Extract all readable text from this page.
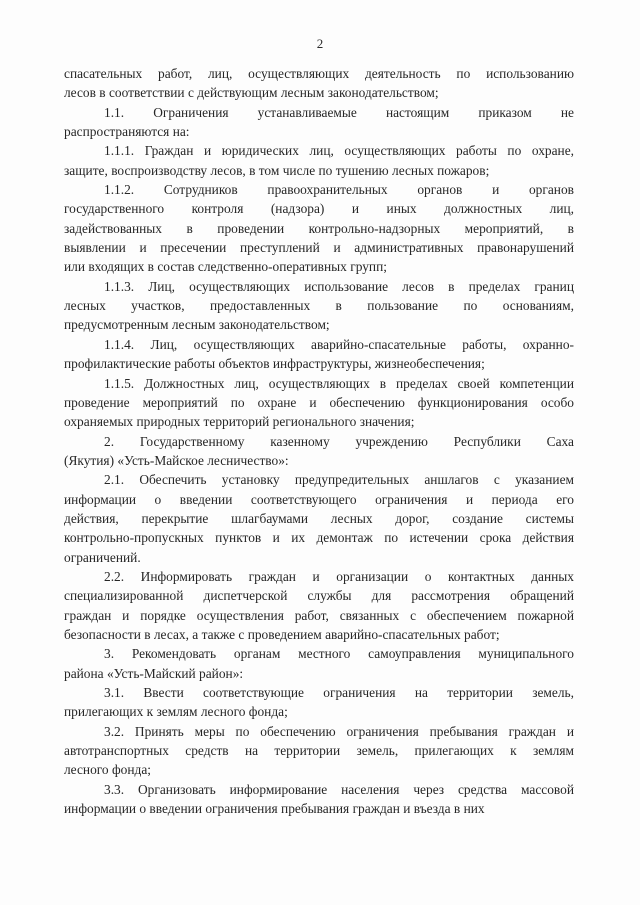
2
спасательных работ, лиц, осуществляющих деятельность по использованию
лесов в соответствии с действующим лесным законодательством;
1.1. Ограничения устанавливаемые настоящим приказом не
распространяются на:
1.1.1. Граждан и юридических лиц, осуществляющих работы по охране,
защите, воспроизводству лесов, в том числе по тушению лесных пожаров;
1.1.2. Сотрудников правоохранительных органов и органов
государственного контроля (надзора) и иных должностных лиц,
задействованных в проведении контрольно-надзорных мероприятий, в
выявлении и пресечении преступлений и административных правонарушений
или входящих в состав следственно-оперативных групп;
1.1.3. Лиц, осуществляющих использование лесов в пределах границ
лесных участков, предоставленных в пользование по основаниям,
предусмотренным лесным законодательством;
1.1.4. Лиц, осуществляющих аварийно-спасательные работы, охранно-
профилактические работы объектов инфраструктуры, жизнеобеспечения;
1.1.5. Должностных лиц, осуществляющих в пределах своей компетенции
проведение мероприятий по охране и обеспечению функционирования особо
охраняемых природных территорий регионального значения;
2. Государственному казенному учреждению Республики Саха
(Якутия) «Усть-Майское лесничество»:
2.1. Обеспечить установку предупредительных аншлагов с указанием
информации о введении соответствующего ограничения и периода его
действия, перекрытие шлагбаумами лесных дорог, создание системы
контрольно-пропускных пунктов и их демонтаж по истечении срока действия
ограничений.
2.2. Информировать граждан и организации о контактных данных
специализированной диспетчерской службы для рассмотрения обращений
граждан и порядке осуществления работ, связанных с обеспечением пожарной
безопасности в лесах, а также с проведением аварийно-спасательных работ;
3. Рекомендовать органам местного самоуправления муниципального
района «Усть-Майский район»:
3.1. Ввести соответствующие ограничения на территории земель,
прилегающих к землям лесного фонда;
3.2. Принять меры по обеспечению ограничения пребывания граждан и
автотранспортных средств на территории земель, прилегающих к землям
лесного фонда;
3.3. Организовать информирование населения через средства массовой
информации о введении ограничения пребывания граждан и въезда в них
